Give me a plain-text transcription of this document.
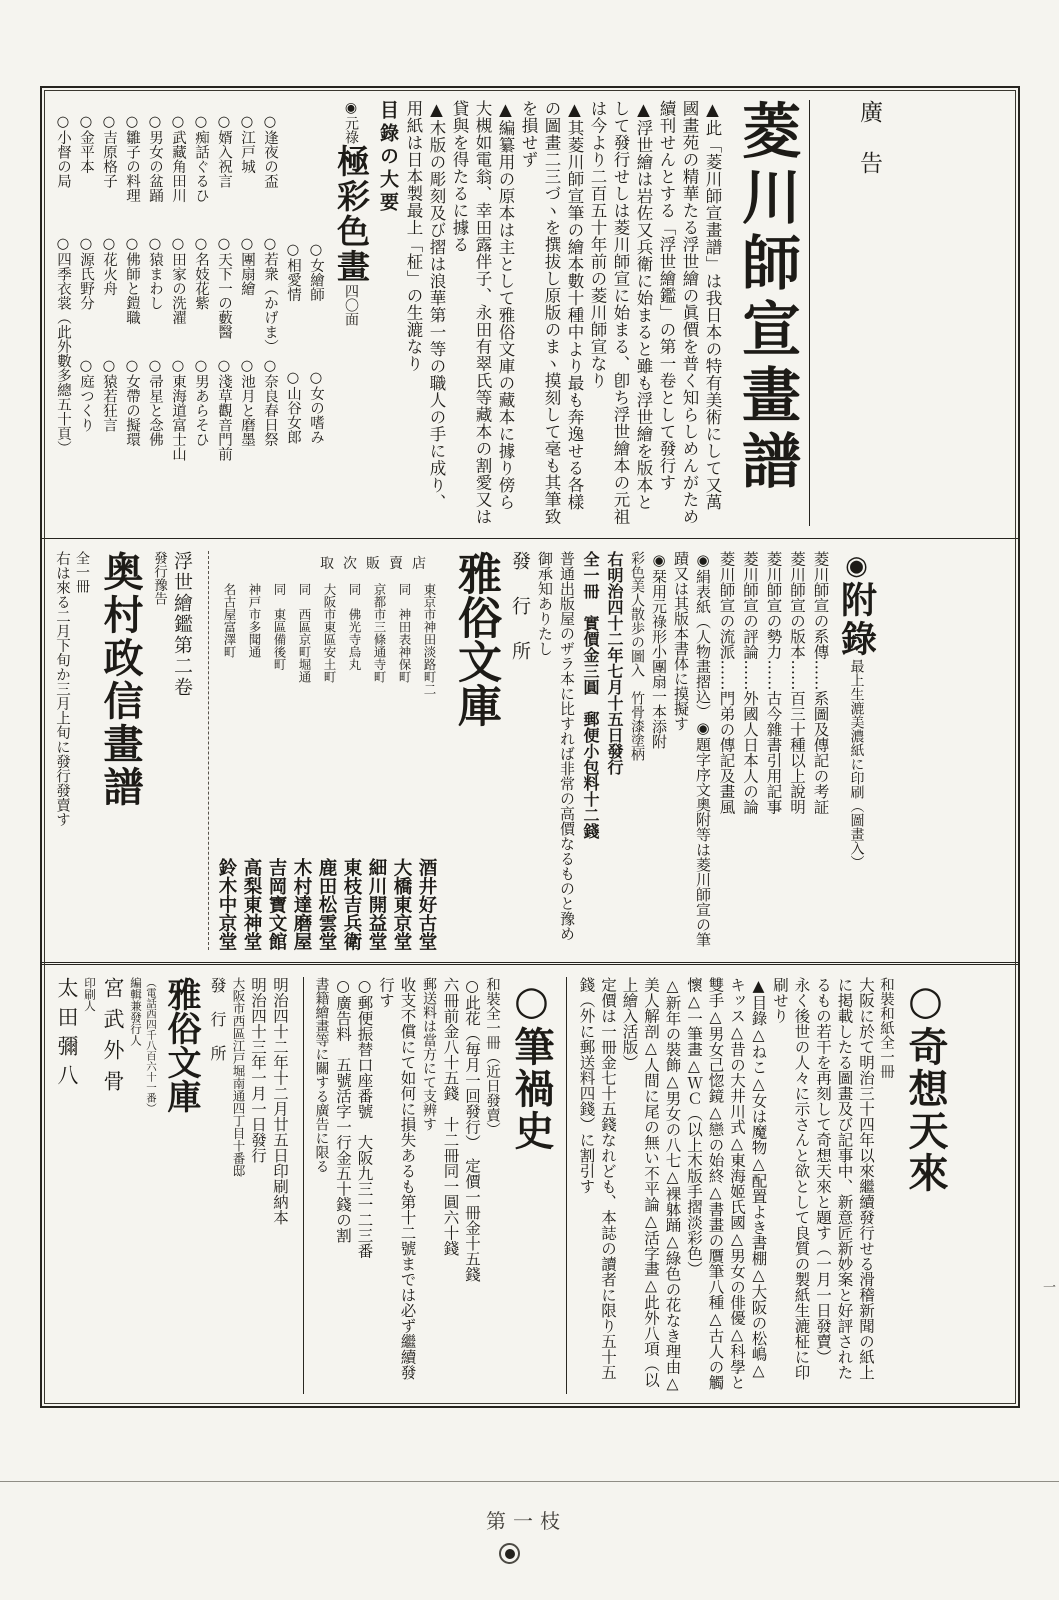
廣告

菱川師宣畫譜

▲此「菱川師宣畫譜」は我日本の特有美術にして又萬國畫苑の精華たる浮世繪の眞價を普く知らしめんがため續刊せんとする「浮世繪鑑」の第一卷として發行す

▲浮世繪は岩佐又兵衛に始まると雖も浮世繪を版本として發行せしは菱川師宣に始まる、卽ち浮世繪本の元祖は今より二百五十年前の菱川師宣なり

▲其菱川師宣筆の繪本數十種中より最も奔逸せる各樣の圖畫二三づヽを撰拔し原版のまヽ摸刻して毫も其筆致を損せず

▲編纂用の原本は主として雅俗文庫の藏本に據り傍ら大槻如電翁、幸田露伴子、永田有翠氏等藏本の割愛又は貸與を得たるに據る

▲木版の彫刻及び摺は浪華第一等の職人の手に成り、用紙は日本製最上「柾」の生漉なり

目錄の大要

◉元祿極彩色畫四〇面

○女繪師
○女の嗜み
○相愛情
○山谷女郎
○逢夜の盃
○若衆（かげま）
○奈良春日祭
○江戸城
○團扇繪
○池月と磨墨
○婿入祝言
○天下一の藪醫
○淺草觀音門前
○痴話ぐるひ
○名妓花紫
○男あらそひ
○武藏角田川
○田家の洗濯
○東海道富士山
○男女の盆踊
○猿まわし
○帚星と念佛
○雛子の料理
○佛師と鎧職
○女帶の擬環
○吉原格子
○花火舟
○猿若狂言
○金平本
○源氏野分
○庭つくり
○小督の局
○四季衣裳（此外數多總五十頁）

◉附錄最上生漉美濃紙に印刷（圖畫入）

菱川師宣の系傳……系圖及傳記の考証

菱川師宣の版本……百三十種以上說明

菱川師宣の勢力……古今雜書引用記事

菱川師宣の評論……外國人日本人の論

菱川師宣の流派……門弟の傳記及畫風

◉絹表紙（人物畫摺込）◉題字序文奧附等は菱川師宣の筆蹟又は其版本書体に摸擬す

◉栞用元祿形小團扇一本添附

彩色美人散歩の圖入　竹骨漆塗柄

右明治四十二年七月十五日發行

全一冊　實價金三圓　郵便小包料十二錢

普通出版屋のザラ本に比すれば非常の高價なるものと豫め御承知ありたし

發行所

雅俗文庫

取次販賣店
東京市神田淡路町二
酒井好古堂
同　神田表神保町
大橋東京堂
京都市三條通寺町
細川開益堂
同　佛光寺烏丸
東枝吉兵衛
大阪市東區安土町
鹿田松雲堂
同　西區京町堀通
木村達磨屋
同　東區備後町
吉岡寶文館
神戸市多聞通
高梨東神堂
名古屋富澤町
鈴木中京堂

浮世繪鑑第二卷

發行豫告

奥村政信畫譜

全一冊

右は來る二月下旬か三月上旬に發行發賣す

○奇想天來

和裝和紙全一冊

大阪に於て明治三十四年以來繼續發行せる滑稽新聞の紙上に掲載したる圖畫及び記事中、新意匠新妙案と好評されたるもの若干を再刻して奇想天來と題す（一月一日發賣）

永く後世の人々に示さんと欲として良質の製紙生漉柾に印刷せり

▲目錄△ねこ△女は魔物△配置よき書棚△大阪の松嶋△キッス△昔の大井川式△東海姬氏國△男女の俳優△科學と雙手△男女己惚鏡△戀の始終△書畫の贋筆八種△古人の觸懷△一筆畫△ＷＣ（以上木版手摺淡彩色）

△新年の裝飾△男女の八七△裸躰踊△綠色の花なき理由△美人解剖△人間に尾の無い不平論△活字畫△此外八項（以上繪入活版）

定價は一冊金七十五錢なれども、本誌の讀者に限り五十五錢（外に郵送料四錢）に割引す

○筆禍史

和裝全一冊（近日發賣）

○此花（毎月一回發行）　定價一冊金十五錢

六冊前金八十五錢　十二冊同一圓六十錢

郵送料は當方にて支辨す

收支不償にて如何に損失あるも第十二號までは必ず繼續發行す

○郵便振替口座番號　大阪九三一二三番

○廣告料　五號活字一行金五十錢の割

書籍繪畫等に關する廣告に限る

明治四十二年十二月廿五日印刷納本

明治四十三年一月一日發行

大阪市西區江戸堀南通四丁目十番邸

發行所

雅俗文庫

（電話西四千八百六十一番）

編輯兼發行人

宮武外骨

印刷人

太田彌八

第一枝
一
